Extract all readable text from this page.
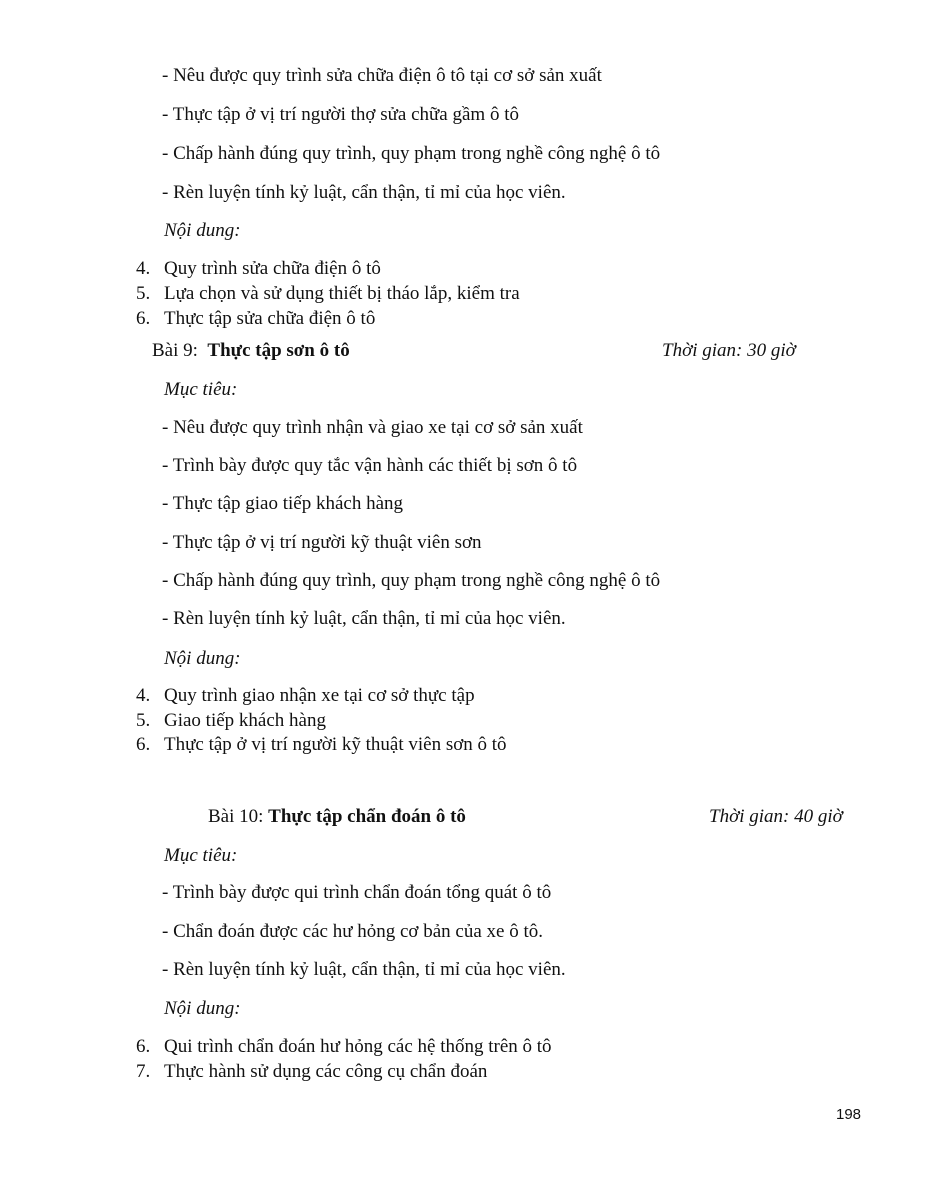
- Nêu được quy trình sửa chữa điện ô tô tại cơ sở sản xuất
- Thực tập ở vị trí người thợ sửa chữa gầm ô tô
- Chấp hành đúng quy trình, quy phạm trong nghề công nghệ ô tô
- Rèn luyện tính kỷ luật, cẩn thận, tỉ mỉ của học viên.
Nội dung:
4. Quy trình sửa chữa điện ô tô
5. Lựa chọn và sử dụng thiết bị tháo lắp, kiểm tra
6. Thực tập sửa chữa điện ô tô
Bài 9: Thực tập sơn ô tô	Thời gian: 30 giờ
Mục tiêu:
- Nêu được quy trình nhận và giao xe tại cơ sở sản xuất
- Trình bày được quy tắc vận hành các thiết bị sơn ô tô
- Thực tập giao tiếp khách hàng
- Thực tập ở vị trí người kỹ thuật viên sơn
- Chấp hành đúng quy trình, quy phạm trong nghề công nghệ ô tô
- Rèn luyện tính kỷ luật, cẩn thận, tỉ mỉ của học viên.
Nội dung:
4. Quy trình giao nhận xe tại cơ sở thực tập
5. Giao tiếp khách hàng
6. Thực tập ở vị trí người kỹ thuật viên sơn ô tô
Bài 10: Thực tập chẩn đoán ô tô	Thời gian: 40 giờ
Mục tiêu:
- Trình bày được qui trình chẩn đoán tổng quát ô tô
- Chẩn đoán được các hư hỏng cơ bản của xe ô tô.
- Rèn luyện tính kỷ luật, cẩn thận, tỉ mỉ của học viên.
Nội dung:
6. Qui trình chẩn đoán hư hỏng các hệ thống trên ô tô
7. Thực hành sử dụng các công cụ chẩn đoán
198
